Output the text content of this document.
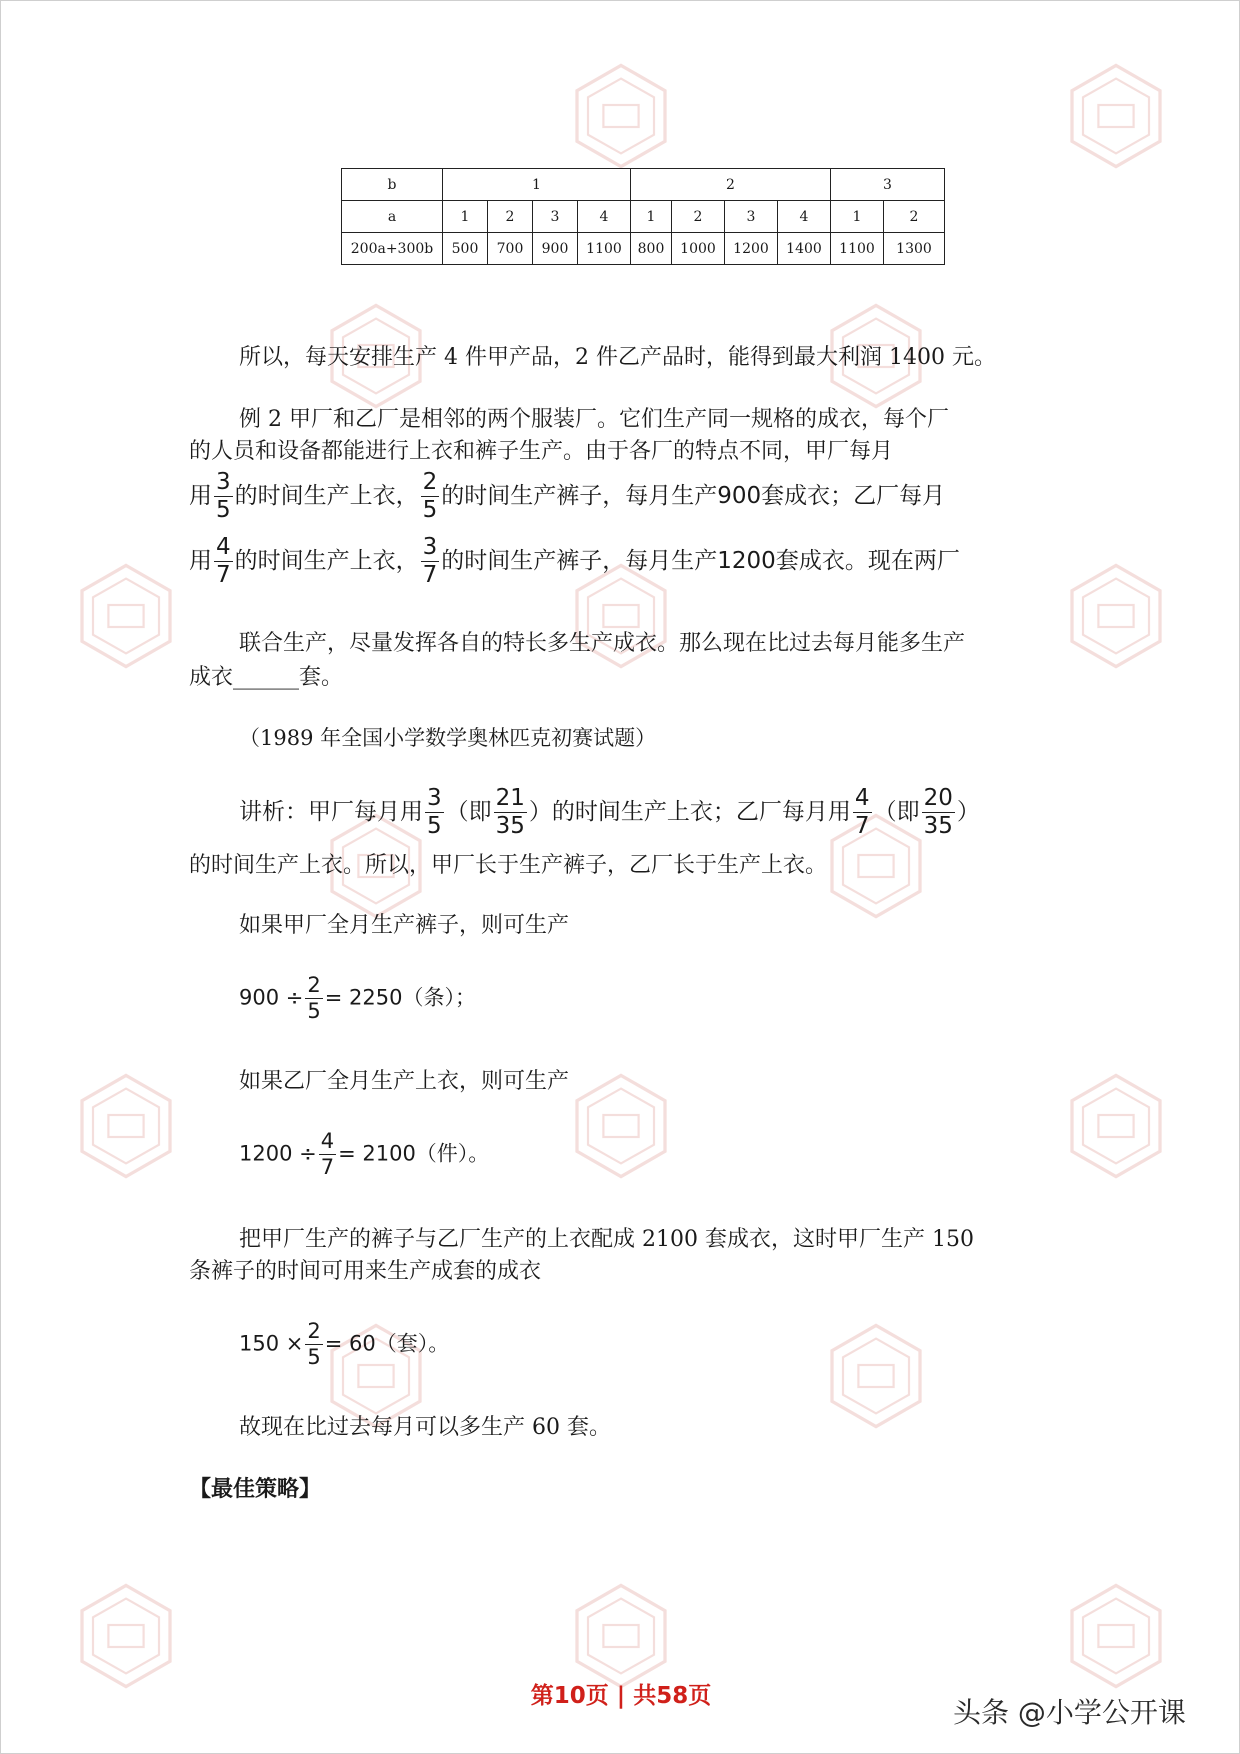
b	1				2				3	
a	1	2	3	4	1	2	3	4	1	2
200a+300b	500	700	900	1100	800	1000	1200	1400	1100	1300
所以，每天安排生产 4 件甲产品，2 件乙产品时，能得到最大利润 1400 元。
例 2 甲厂和乙厂是相邻的两个服装厂。它们生产同一规格的成衣，每个厂
的人员和设备都能进行上衣和裤子生产。由于各厂的特点不同，甲厂每月
用 $\frac{3}{5}$ 的时间生产上衣， $\frac{2}{5}$ 的时间生产裤子，每月生产900套成衣；乙厂每月
用 $\frac{4}{7}$ 的时间生产上衣， $\frac{3}{7}$ 的时间生产裤子，每月生产1200套成衣。现在两厂
联合生产，尽量发挥各自的特长多生产成衣。那么现在比过去每月能多生产
成衣______套。
（1989 年全国小学数学奥林匹克初赛试题）
讲析：甲厂每月用 $\frac{3}{5}$ （即 $\frac{21}{35}$ ）的时间生产上衣；乙厂每月用 $\frac{4}{7}$ （即 $\frac{20}{35}$ ）
的时间生产上衣。所以，甲厂长于生产裤子，乙厂长于生产上衣。
如果甲厂全月生产裤子，则可生产
$900 \div \frac{2}{5} = 2250$（条）；
如果乙厂全月生产上衣，则可生产
$1200 \div \frac{4}{7} = 2100$（件）。
把甲厂生产的裤子与乙厂生产的上衣配成 2100 套成衣，这时甲厂生产 150
条裤子的时间可用来生产成套的成衣
$150 \times \frac{2}{5} = 60$（套）。
故现在比过去每月可以多生产 60 套。
【最佳策略】
第10页 | 共58页	头条 @小学公开课
